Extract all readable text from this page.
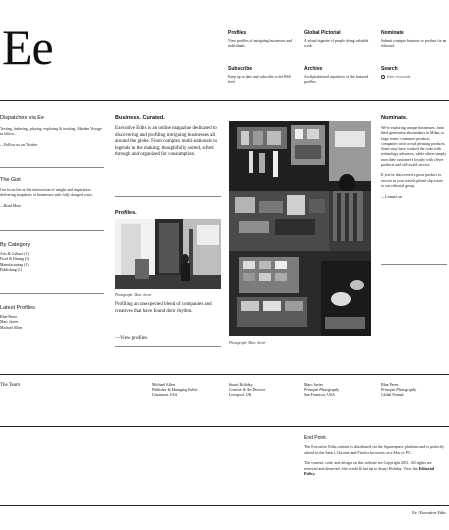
Ee	Profiles
View profiles of intriguing businesses and individuals.
Global Pictorial
A visual vignette of people doing valuable work.
Nominate
Submit a unique business or product for an editorial.
Subscribe
Keep up to date and subscribe to the RSS feed.
Archive
An alphabetized repository of the featured profiles.
Search
Enter keywords
Dispatches via Ee
Texting, tinkering, playing, exploring & inviting. Maiden Voyage in follow...
—Follow us on Twitter
The Gist
Our focus lies at the intersection of insight and inspiration, delivering snapshots of businesses with fully charged ways.
—Read More
By Category
Arts & Culture (1)
Food & Dining (1)
Manufacturing (1)
Publishing (1)
Latest Profiles
Blue Perez
Marc Javier
Michael Allen
Business. Curated.
Executive Edits is an online magazine dedicated to discovering and profiling intriguing businesses all around the globe. From complex multi-nationals to legends in the making; thoughtfully sorted, sifted through and organized for consumption.
Profiles.
Photograph: Marc Javier
Profiling an unexpected blend of companies and creatives that have found their rhythm.
—View profiles
Photograph: Marc Javier
Nominate.
We're exploring unique businesses; from third generation shoemakers in Milan, to large iconic consumer products companies with crowd pleasing products. Some may have cracked the code with technology advances, while others simply earn their customer's loyalty with clever products and old-world service.
If you've discovered a great product or service in your travels please slip a note to our editorial group.
—Contact us
The Team	Michael Allen
Publisher & Managing Editor
Cincinnati, USA
Stuart Holiday
Creative & Art Director
Liverpool, UK
Marc Javier
Principal Photography
San Francisco, USA
Blue Perez
Principal Photography
Global Nomad
End Point.
The Executive Edits content is distributed via the Squarespace platform and is perfectly attired in the Safari, Chrome and Firefox browsers on a Mac or PC.
The content, code, and design on this website are Copyright 2011. All rights are reserved and deserved. Site credit & hat tip to Stuart Holiday. View the Editorial Policy.
Ee | Executive Edits
